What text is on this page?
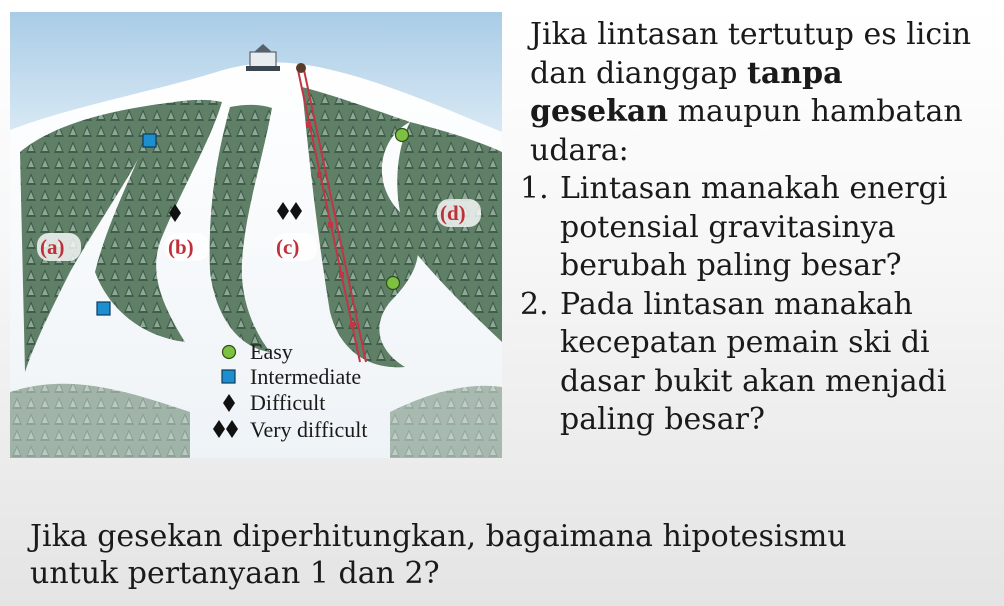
(a)	(b)	(c)
(d)
Easy
Intermediate
Difficult
Very difficult

Jika lintasan tertutup es licin dan dianggap tanpa gesekan maupun hambatan udara:

1. Lintasan manakah energi potensial gravitasinya berubah paling besar?
2. Pada lintasan manakah kecepatan pemain ski di dasar bukit akan menjadi paling besar?

Jika gesekan diperhitungkan, bagaimana hipotesismu untuk pertanyaan 1 dan 2?
